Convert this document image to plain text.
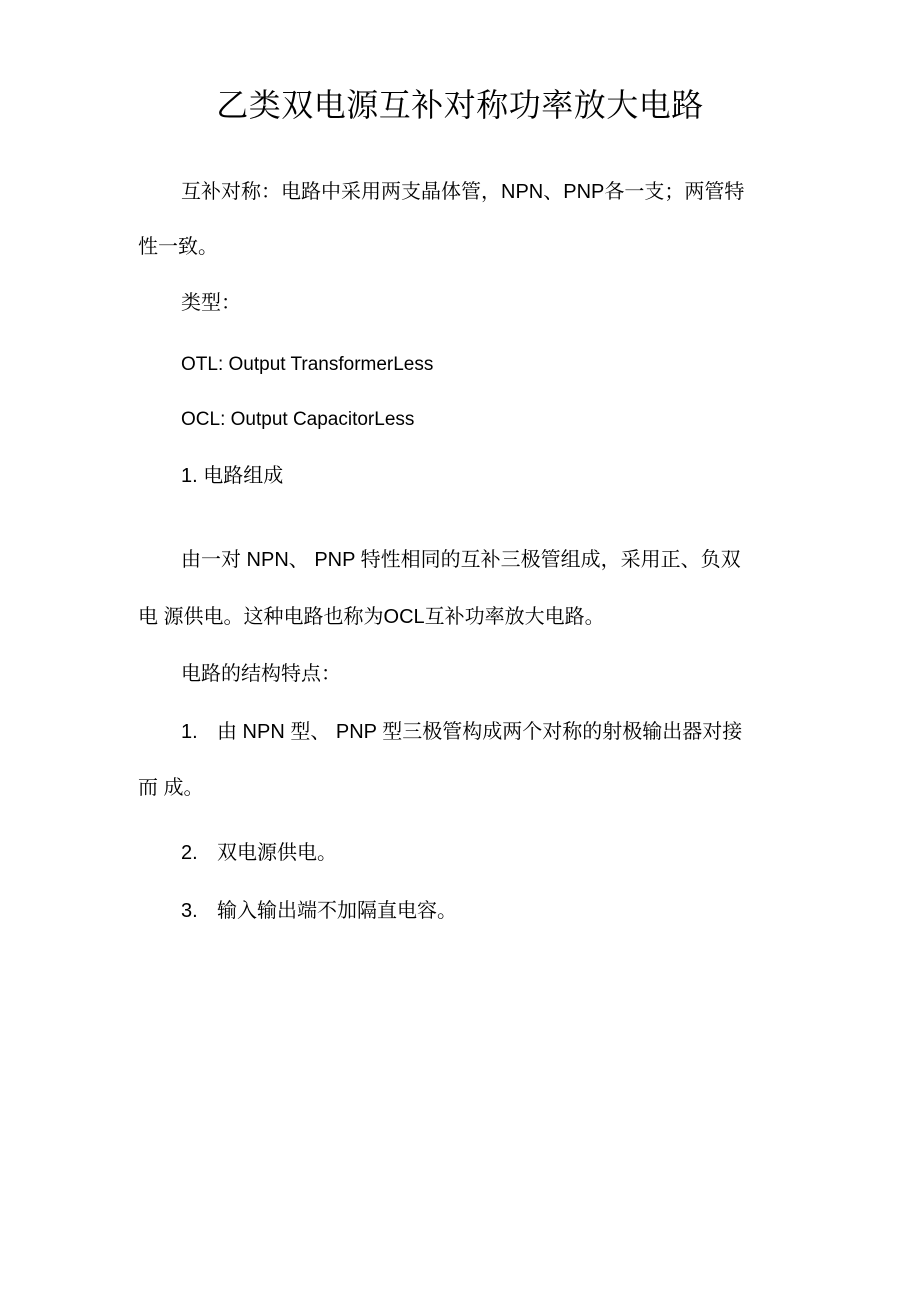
乙类双电源互补对称功率放大电路

互补对称：电路中采用两支晶体管，NPN、PNP各一支；两管特

性一致。

类型：

OTL: Output TransformerLess

OCL: Output CapacitorLess

1. 电路组成

由一对 NPN、 PNP 特性相同的互补三极管组成，采用正、负双

电 源供电。这种电路也称为OCL互补功率放大电路。

电路的结构特点：

1. 由 NPN 型、 PNP 型三极管构成两个对称的射极输出器对接

而 成。

2. 双电源供电。

3. 输入输出端不加隔直电容。
